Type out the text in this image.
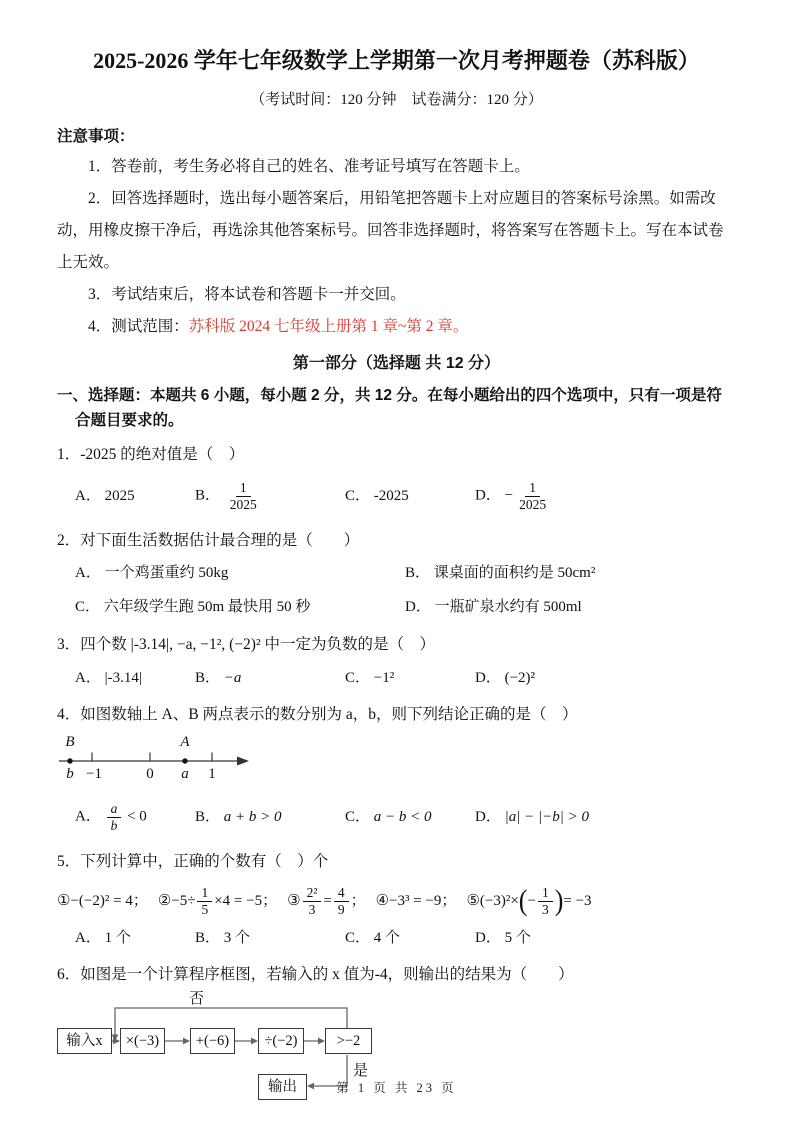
2025-2026 学年七年级数学上学期第一次月考押题卷（苏科版）
（考试时间：120 分钟　试卷满分：120 分）
注意事项：

1．答卷前，考生务必将自己的姓名、准考证号填写在答题卡上。

2．回答选择题时，选出每小题答案后，用铅笔把答题卡上对应题目的答案标号涂黑。如需改动，用橡皮擦干净后，再选涂其他答案标号。回答非选择题时，将答案写在答题卡上。写在本试卷上无效。

3．考试结束后，将本试卷和答题卡一并交回。

4．测试范围：苏科版 2024 七年级上册第 1 章~第 2 章。

第一部分（选择题 共 12 分）

一、选择题：本题共 6 小题，每小题 2 分，共 12 分。在每小题给出的四个选项中，只有一项是符合题目要求的。

1．-2025 的绝对值是（　）

A． 2025	B． $\frac{1}{2025}$	C． -2025	D． − $\frac{1}{2025}$

2．对下面生活数据估计最合理的是（　　）

A． 一个鸡蛋重约 50kg	B． 课桌面的面积约是 50cm²
C． 六年级学生跑 50m 最快用 50 秒	D． 一瓶矿泉水约有 500ml

3．四个数 |-3.14|, −a, −1², (−2)² 中一定为负数的是（　）

A． |-3.14|	B． −a	C． −1²	D． (−2)²

4．如图数轴上 A、B 两点表示的数分别为 a，b，则下列结论正确的是（　）

B	A
b −1	0 a 1
A． $\frac{a}{b} < 0$	B． a + b > 0	C． a − b < 0	D． |a| − |−b| > 0

5．下列计算中，正确的个数有（　）个

①−(−2)² = 4； ②−5÷ $\frac{1}{5} \times 4 = -5$； ③ $\frac{\text{2²}}{3} = \frac{4}{9}$ ； ④−3³ = −9； ⑤(−3)²× ( − $\frac{1}{3}$ ) = −3
A． 1 个	B． 3 个	C． 4 个	D． 5 个

6．如图是一个计算程序框图，若输入的 x 值为-4，则输出的结果为（　　）

输入x	×(−3)	+(−6)	÷(−2)	>−2
输出
否
是
第 1 页 共 23 页
